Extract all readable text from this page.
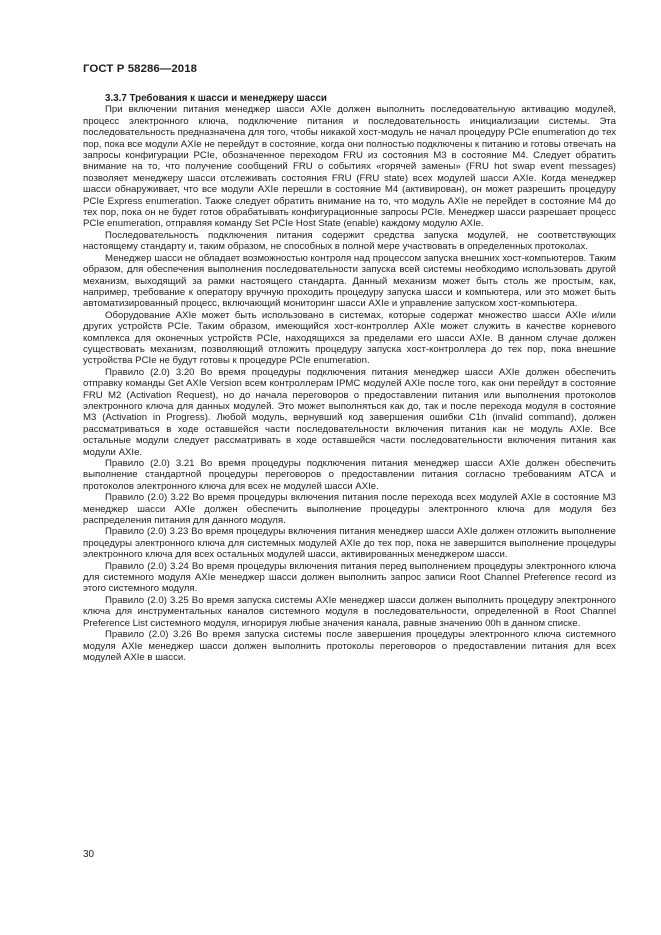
ГОСТ Р 58286—2018

3.3.7 Требования к шасси и менеджеру шасси

При включении питания менеджер шасси AXIe должен выполнить последовательную активацию модулей, процесс электронного ключа, подключение питания и последовательность инициализации системы. Эта последовательность предназначена для того, чтобы никакой хост-модуль не начал процедуру PCIe enumeration до тех пор, пока все модули AXIe не перейдут в состояние, когда они полностью подключены к питанию и готовы отвечать на запросы конфигурации PCIe, обозначенное переходом FRU из состояния M3 в состояние M4. Следует обратить внимание на то, что получение сообщений FRU о событиях «горячей замены» (FRU hot swap event messages) позволяет менеджеру шасси отслеживать состояния FRU (FRU state) всех модулей шасси AXIe. Когда менеджер шасси обнаруживает, что все модули AXIe перешли в состояние M4 (активирован), он может разрешить процедуру PCIe Express enumeration. Также следует обратить внимание на то, что модуль AXIe не перейдет в состояние M4 до тех пор, пока он не будет готов обрабатывать конфигурационные запросы PCIe. Менеджер шасси разрешает процесс PCIe enumeration, отправляя команду Set PCIe Host State (enable) каждому модулю AXIe.

Последовательность подключения питания содержит средства запуска модулей, не соответствующих настоящему стандарту и, таким образом, не способных в полной мере участвовать в определенных протоколах.

Менеджер шасси не обладает возможностью контроля над процессом запуска внешних хост-компьютеров. Таким образом, для обеспечения выполнения последовательности запуска всей системы необходимо использовать другой механизм, выходящий за рамки настоящего стандарта. Данный механизм может быть столь же простым, как, например, требование к оператору вручную проходить процедуру запуска шасси и компьютера, или это может быть автоматизированный процесс, включающий мониторинг шасси AXIe и управление запуском хост-компьютера.

Оборудование AXIe может быть использовано в системах, которые содержат множество шасси AXIe и/или других устройств PCIe. Таким образом, имеющийся хост-контроллер AXIe может служить в качестве корневого комплекса для оконечных устройств PCIe, находящихся за пределами его шасси AXIe. В данном случае должен существовать механизм, позволяющий отложить процедуру запуска хост-контроллера до тех пор, пока внешние устройства PCIe не будут готовы к процедуре PCIe enumeration.

Правило (2.0) 3.20 Во время процедуры подключения питания менеджер шасси AXIe должен обеспечить отправку команды Get AXIe Version всем контроллерам IPMC модулей AXIe после того, как они перейдут в состояние FRU M2 (Activation Request), но до начала переговоров о предоставлении питания или выполнения протоколов электронного ключа для данных модулей. Это может выполняться как до, так и после перехода модуля в состояние M3 (Activation in Progress). Любой модуль, вернувший код завершения ошибки C1h (invalid command), должен рассматриваться в ходе оставшейся части последовательности включения питания как не модуль AXIe. Все остальные модули следует рассматривать в ходе оставшейся части последовательности включения питания как модули AXIe.

Правило (2.0) 3.21 Во время процедуры подключения питания менеджер шасси AXIe должен обеспечить выполнение стандартной процедуры переговоров о предоставлении питания согласно требованиям ATCA и протоколов электронного ключа для всех не модулей шасси AXIe.

Правило (2.0) 3.22 Во время процедуры включения питания после перехода всех модулей AXIe в состояние M3 менеджер шасси AXIe должен обеспечить выполнение процедуры электронного ключа для модуля без распределения питания для данного модуля.

Правило (2.0) 3.23 Во время процедуры включения питания менеджер шасси AXIe должен отложить выполнение процедуры электронного ключа для системных модулей AXIe до тех пор, пока не завершится выполнение процедуры электронного ключа для всех остальных модулей шасси, активированных менеджером шасси.

Правило (2.0) 3.24 Во время процедуры включения питания перед выполнением процедуры электронного ключа для системного модуля AXIe менеджер шасси должен выполнить запрос записи Root Channel Preference record из этого системного модуля.

Правило (2.0) 3.25 Во время запуска системы AXIe менеджер шасси должен выполнить процедуру электронного ключа для инструментальных каналов системного модуля в последовательности, определенной в Root Channel Preference List системного модуля, игнорируя любые значения канала, равные значению 00h в данном списке.

Правило (2.0) 3.26 Во время запуска системы после завершения процедуры электронного ключа системного модуля AXIe менеджер шасси должен выполнить протоколы переговоров о предоставлении питания для всех модулей AXIe в шасси.

30
